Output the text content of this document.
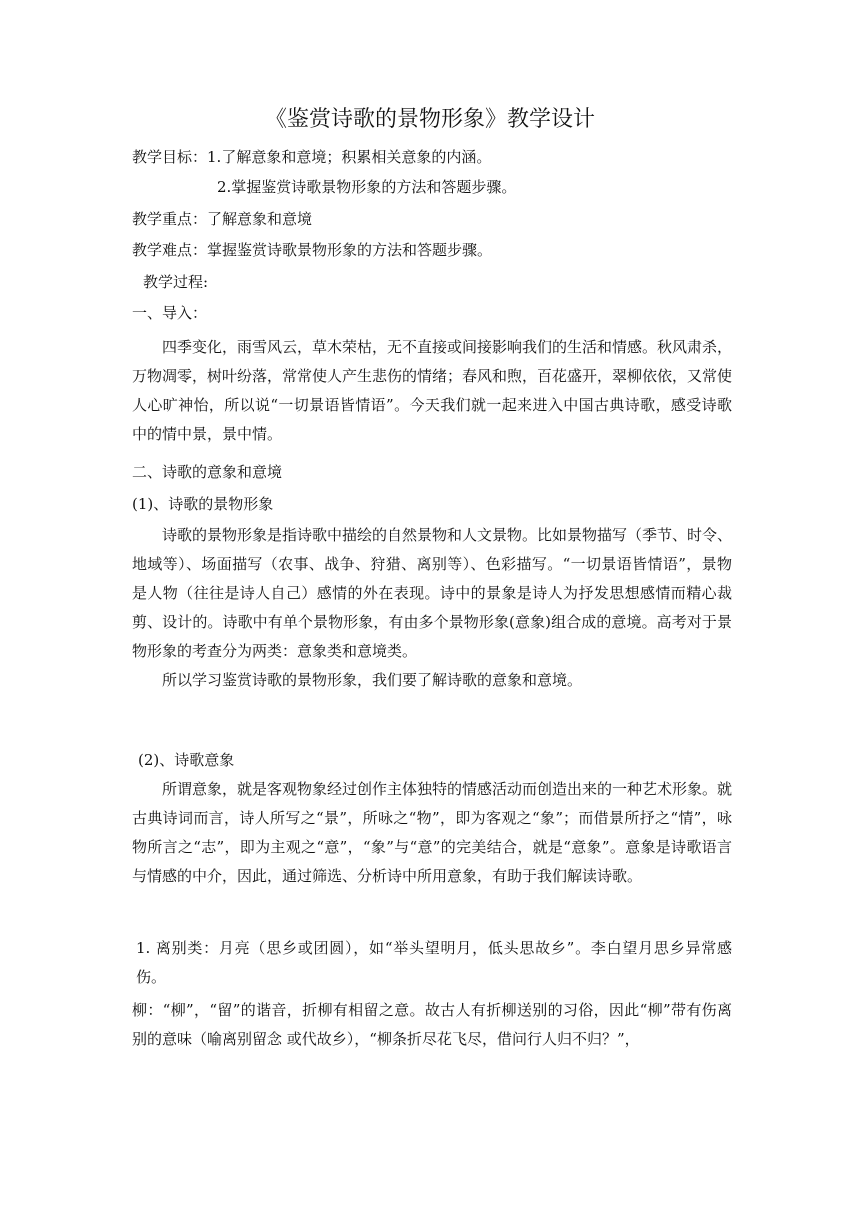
《鉴赏诗歌的景物形象》教学设计
教学目标：1.了解意象和意境；积累相关意象的内涵。
2.掌握鉴赏诗歌景物形象的方法和答题步骤。
教学重点：了解意象和意境
教学难点：掌握鉴赏诗歌景物形象的方法和答题步骤。
教学过程:
一、导入：

四季变化，雨雪风云，草木荣枯，无不直接或间接影响我们的生活和情感。秋风肃杀，万物凋零，树叶纷落，常常使人产生悲伤的情绪；春风和煦，百花盛开，翠柳依依，又常使人心旷神怡，所以说“一切景语皆情语”。今天我们就一起来进入中国古典诗歌，感受诗歌中的情中景，景中情。

二、诗歌的意象和意境
(1)、诗歌的景物形象

诗歌的景物形象是指诗歌中描绘的自然景物和人文景物。比如景物描写（季节、时令、地域等）、场面描写（农事、战争、狩猎、离别等）、色彩描写。“一切景语皆情语”，景物是人物（往往是诗人自己）感情的外在表现。诗中的景象是诗人为抒发思想感情而精心裁剪、设计的。诗歌中有单个景物形象，有由多个景物形象(意象)组合成的意境。高考对于景物形象的考查分为两类：意象类和意境类。

所以学习鉴赏诗歌的景物形象，我们要了解诗歌的意象和意境。

(2)、诗歌意象

所谓意象，就是客观物象经过创作主体独特的情感活动而创造出来的一种艺术形象。就古典诗词而言，诗人所写之“景”，所咏之“物”，即为客观之“象”；而借景所抒之“情”，咏物所言之“志”，即为主观之“意”，“象”与“意”的完美结合，就是“意象”。意象是诗歌语言与情感的中介，因此，通过筛选、分析诗中所用意象，有助于我们解读诗歌。

1. 离别类：月亮（思乡或团圆），如“举头望明月，低头思故乡”。李白望月思乡异常感伤。

柳：“柳”，“留”的谐音，折柳有相留之意。故古人有折柳送别的习俗，因此“柳”带有伤离别的意味（喻离别留念 或代故乡），“柳条折尽花飞尽，借问行人归不归？”，
